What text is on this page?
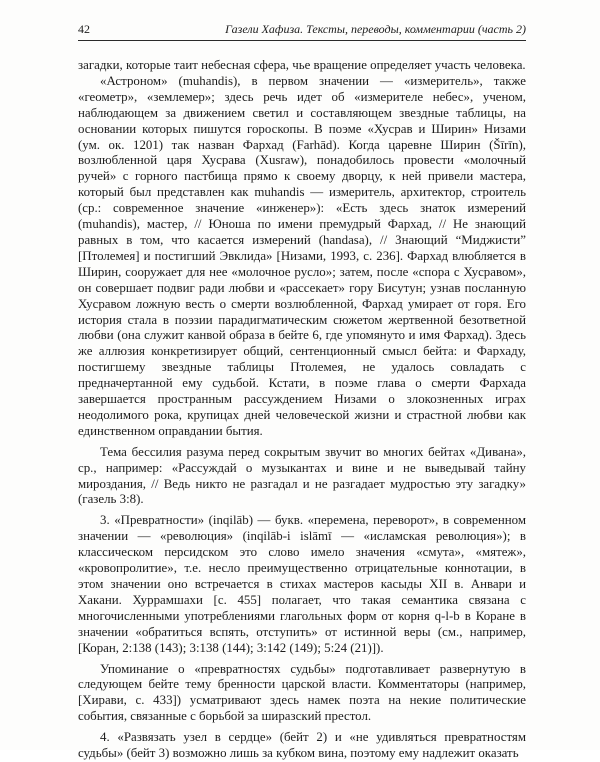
42	Газели Хафиза. Тексты, переводы, комментарии (часть 2)

загадки, которые таит небесная сфера, чье вращение определяет участь человека.

«Астроном» (muhandis), в первом значении — «измеритель», также «геометр», «землемер»; здесь речь идет об «измерителе небес», ученом, наблюдающем за движением светил и составляющем звездные таблицы, на основании которых пишутся гороскопы. В поэме «Хусрав и Ширин» Низами (ум. ок. 1201) так назван Фархад (Farhād). Когда царевне Ширин (Šīrīn), возлюбленной царя Хусрава (Xusraw), понадобилось провести «молочный ручей» с горного пастбища прямо к своему дворцу, к ней привели мастера, который был представлен как muhandis — измеритель, архитектор, строитель (ср.: современное значение «инженер»): «Есть здесь знаток измерений (muhandis), мастер, // Юноша по имени премудрый Фархад, // Не знающий равных в том, что касается измерений (handasa), // Знающий “Миджисти” [Птолемея] и постигший Эвклида» [Низами, 1993, с. 236]. Фархад влюбляется в Ширин, сооружает для нее «молочное русло»; затем, после «спора с Хусравом», он совершает подвиг ради любви и «рассекает» гору Бисутун; узнав посланную Хусравом ложную весть о смерти возлюбленной, Фархад умирает от горя. Его история стала в поэзии парадигматическим сюжетом жертвенной безответной любви (она служит канвой образа в бейте 6, где упомянуто и имя Фархад). Здесь же аллюзия конкретизирует общий, сентенционный смысл бейта: и Фархаду, постигшему звездные таблицы Птолемея, не удалось совладать с предначертанной ему судьбой. Кстати, в поэме глава о смерти Фархада завершается пространным рассуждением Низами о злокозненных играх неодолимого рока, крупицах дней человеческой жизни и страстной любви как единственном оправдании бытия.

Тема бессилия разума перед сокрытым звучит во многих бейтах «Дивана», ср., например: «Рассуждай о музыкантах и вине и не выведывай тайну мироздания, // Ведь никто не разгадал и не разгадает мудростью эту загадку» (газель 3:8).

3. «Превратности» (inqilāb) — букв. «перемена, переворот», в современном значении — «революция» (inqilāb-i islāmī — «исламская революция»); в классическом персидском это слово имело значения «смута», «мятеж», «кровопролитие», т.е. несло преимущественно отрицательные коннотации, в этом значении оно встречается в стихах мастеров касыды XII в. Анвари и Хакани. Хуррамшахи [с. 455] полагает, что такая семантика связана с многочисленными употреблениями глагольных форм от корня q-l-b в Коране в значении «обратиться вспять, отступить» от истинной веры (см., например, [Коран, 2:138 (143); 3:138 (144); 3:142 (149); 5:24 (21)]).

Упоминание о «превратностях судьбы» подготавливает развернутую в следующем бейте тему бренности царской власти. Комментаторы (например, [Хирави, с. 433]) усматривают здесь намек поэта на некие политические события, связанные с борьбой за ширазский престол.

4. «Развязать узел в сердце» (бейт 2) и «не удивляться превратностям судьбы» (бейт 3) возможно лишь за кубком вина, поэтому ему надлежит оказать
